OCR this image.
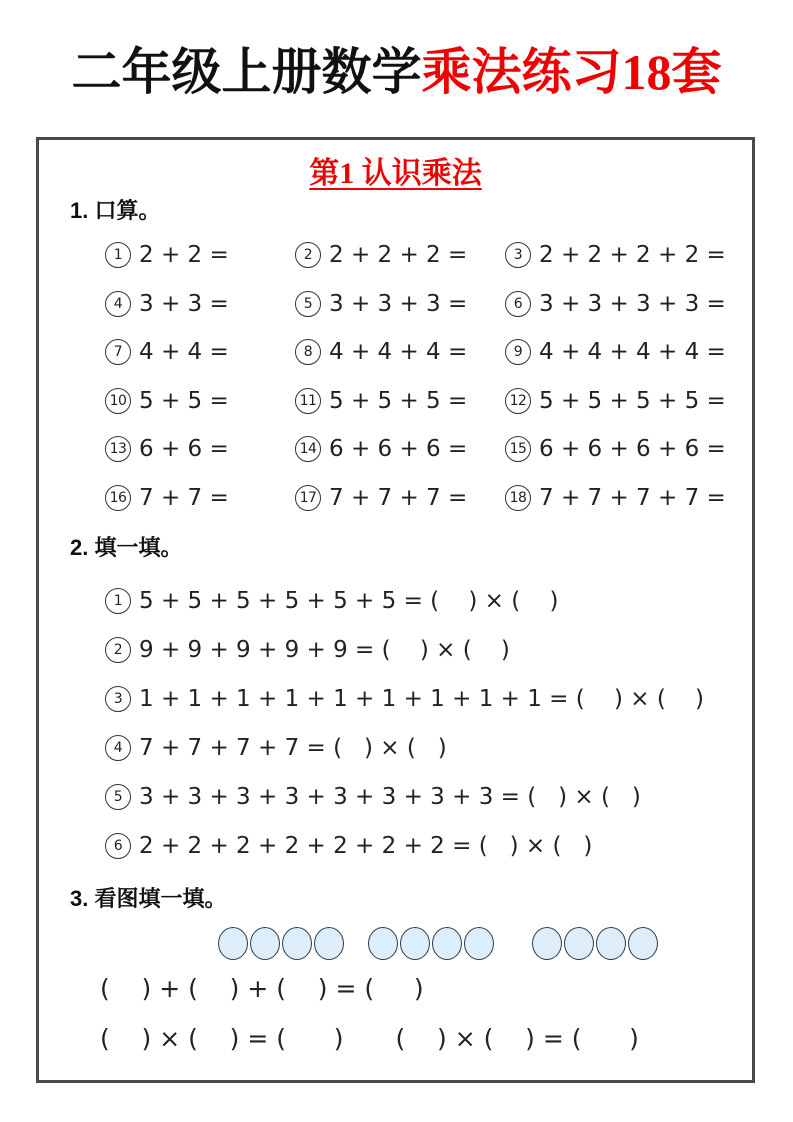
二年级上册数学乘法练习18套
第1 认识乘法
1. 口算。
1 2 + 2 =	2 2 + 2 + 2 =	3 2 + 2 + 2 + 2 =
4 3 + 3 =	5 3 + 3 + 3 =	6 3 + 3 + 3 + 3 =
7 4 + 4 =	8 4 + 4 + 4 =	9 4 + 4 + 4 + 4 =
10 5 + 5 =	11 5 + 5 + 5 =	12 5 + 5 + 5 + 5 =
13 6 + 6 =	14 6 + 6 + 6 =	15 6 + 6 + 6 + 6 =
16 7 + 7 =	17 7 + 7 + 7 =	18 7 + 7 + 7 + 7 =
2. 填一填。
1 5 + 5 + 5 + 5 + 5 + 5 = (    ) × (    )
2 9 + 9 + 9 + 9 + 9 = (    ) × (    )
3 1 + 1 + 1 + 1 + 1 + 1 + 1 + 1 + 1 = (    ) × (    )
4 7 + 7 + 7 + 7 = (   ) × (   )
5 3 + 3 + 3 + 3 + 3 + 3 + 3 + 3 = (   ) × (   )
6 2 + 2 + 2 + 2 + 2 + 2 + 2 = (   ) × (   )
3. 看图填一填。
(    ) + (    ) + (    ) = (     )
(    ) × (    ) = (      ) (    ) × (    ) = (      )
